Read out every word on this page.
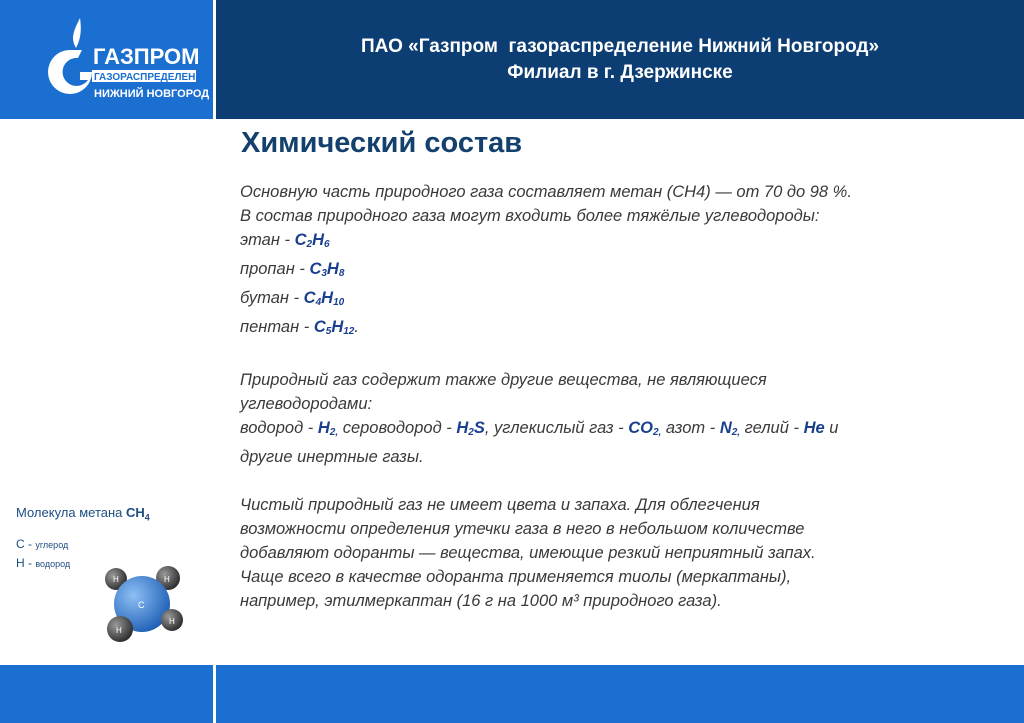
ГАЗПРОМ
ГАЗОРАСПРЕДЕЛЕНИЕ
НИЖНИЙ НОВГОРОД
ПАО «Газпром  газораспределение Нижний Новгород»
Филиал в г. Дзержинске
Химический состав

Основную часть природного газа составляет метан (CH4) — от 70 до 98 %.

В состав природного газа могут входить более тяжёлые углеводороды:

этан - $C_2H_6$

пропан - $C_3H_8$

бутан - $C_4H_{10}$

пентан - $C_5H_{12}$.

Природный газ содержит также другие вещества, не являющиеся

углеводородами:

водород - $H_{2,}$ сероводород - $H_2S$, углекислый газ - $CO_{2,}$ азот - $N_{2,}$ гелий - He и

другие инертные газы.

Чистый природный газ не имеет цвета и запаха. Для облегчения

возможности определения утечки газа в него в небольшом количестве

добавляют одоранты — вещества, имеющие резкий неприятный запах.

Чаще всего в качестве одоранта применяется тиолы (меркаптаны),

например, этилмеркаптан (16 г на 1000 м³ природного газа).

Молекула метана $CH_4$
С - углерод
Н - водород
C
H	H
H
H
